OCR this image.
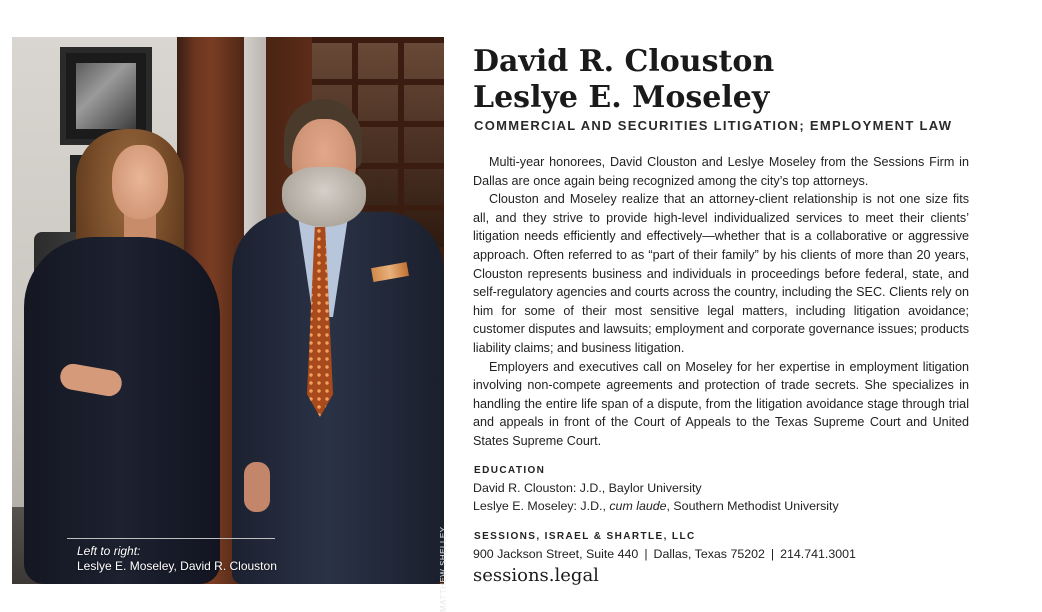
MATTHEW SHELLEY
Left to right:
Leslye E. Moseley, David R. Clouston
David R. Clouston
Leslye E. Moseley
COMMERCIAL AND SECURITIES LITIGATION; EMPLOYMENT LAW

Multi-year honorees, David Clouston and Leslye Moseley from the Sessions Firm in Dallas are once again being recognized among the city’s top attorneys.

Clouston and Moseley realize that an attorney-client relationship is not one size fits all, and they strive to provide high-level individualized services to meet their clients’ litigation needs efficiently and effectively—whether that is a collaborative or aggressive approach. Often referred to as “part of their family” by his clients of more than 20 years, Clouston represents business and individuals in proceedings before federal, state, and self-regulatory agencies and courts across the country, including the SEC. Clients rely on him for some of their most sensitive legal matters, including litigation avoidance; customer disputes and lawsuits; employment and corporate governance issues; products liability claims; and business litigation.

Employers and executives call on Moseley for her expertise in employment litigation involving non-compete agreements and protection of trade secrets. She specializes in handling the entire life span of a dispute, from the litigation avoidance stage through trial and appeals in front of the Court of Appeals to the Texas Supreme Court and United States Supreme Court.

EDUCATION
David R. Clouston: J.D., Baylor University
Leslye E. Moseley: J.D., cum laude, Southern Methodist University
SESSIONS, ISRAEL & SHARTLE, LLC
900 Jackson Street, Suite 440 | Dallas, Texas 75202 | 214.741.3001
sessions.legal
